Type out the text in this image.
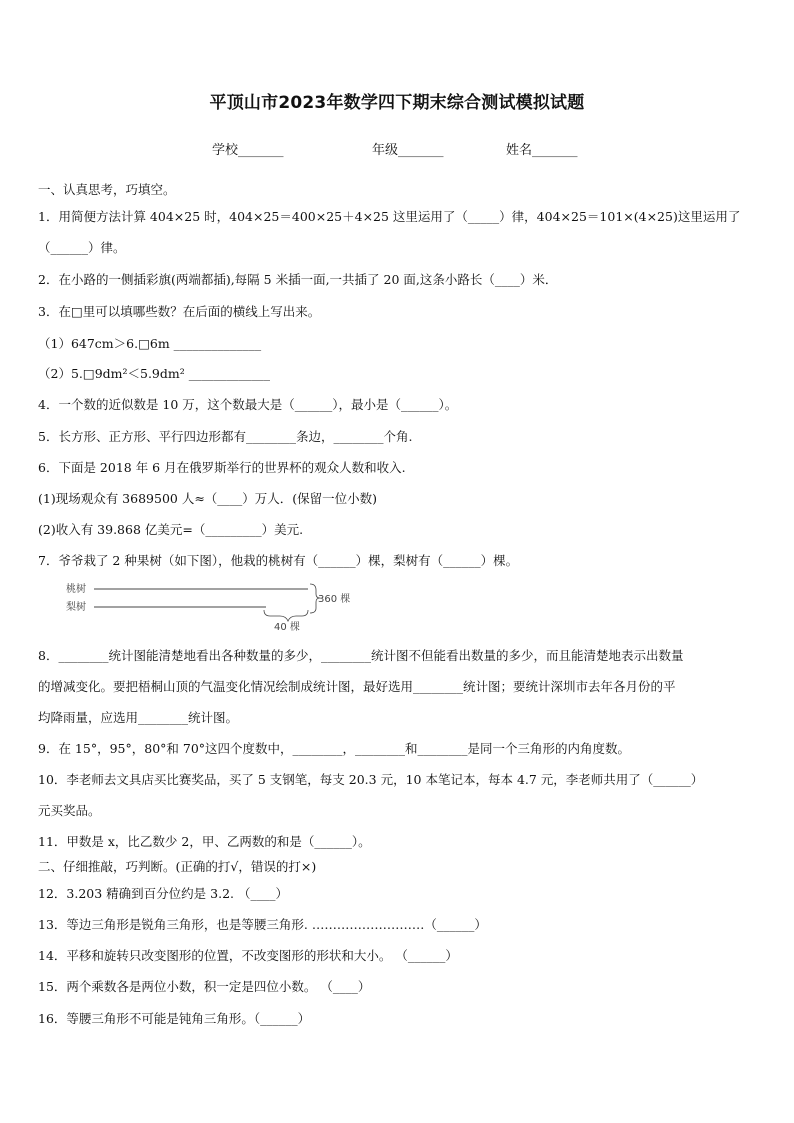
平顶山市2023年数学四下期末综合测试模拟试题
学校_______	年级_______	姓名_______
一、认真思考，巧填空。
1．用简便方法计算 404×25 时，404×25＝400×25＋4×25 这里运用了（_____）律，404×25＝101×(4×25)这里运用了
（______）律。
2．在小路的一侧插彩旗(两端都插),每隔 5 米插一面,一共插了 20 面,这条小路长（____）米．
3．在□里可以填哪些数？在后面的横线上写出来。
（1）647cm＞6.□6m ______________
（2）5.□9dm²＜5.9dm² _____________
4．一个数的近似数是 10 万，这个数最大是（______），最小是（______）。
5．长方形、正方形、平行四边形都有________条边，________个角.
6．下面是 2018 年 6 月在俄罗斯举行的世界杯的观众人数和收入.
(1)现场观众有 3689500 人≈（____）万人．(保留一位小数)
(2)收入有 39.868 亿美元=（_________）美元.
7．爷爷栽了 2 种果树（如下图），他栽的桃树有（______）棵，梨树有（______）棵。
桃树
梨树
360 棵
40 棵
8．________统计图能清楚地看出各种数量的多少，________统计图不但能看出数量的多少，而且能清楚地表示出数量
的增减变化。要把梧桐山顶的气温变化情况绘制成统计图，最好选用________统计图；要统计深圳市去年各月份的平
均降雨量，应选用________统计图。
9．在 15°，95°，80°和 70°这四个度数中，________，________和________是同一个三角形的内角度数。
10．李老师去文具店买比赛奖品，买了 5 支钢笔，每支 20.3 元，10 本笔记本，每本 4.7 元，李老师共用了（______）
元买奖品。
11．甲数是 x，比乙数少 2，甲、乙两数的和是（______）。
二、仔细推敲，巧判断。(正确的打√，错误的打×)
12．3.203 精确到百分位约是 3.2. （____）
13．等边三角形是锐角三角形，也是等腰三角形. ………………………（______）
14．平移和旋转只改变图形的位置，不改变图形的形状和大小。 （______）
15．两个乘数各是两位小数，积一定是四位小数。 （____）
16．等腰三角形不可能是钝角三角形。（______）
